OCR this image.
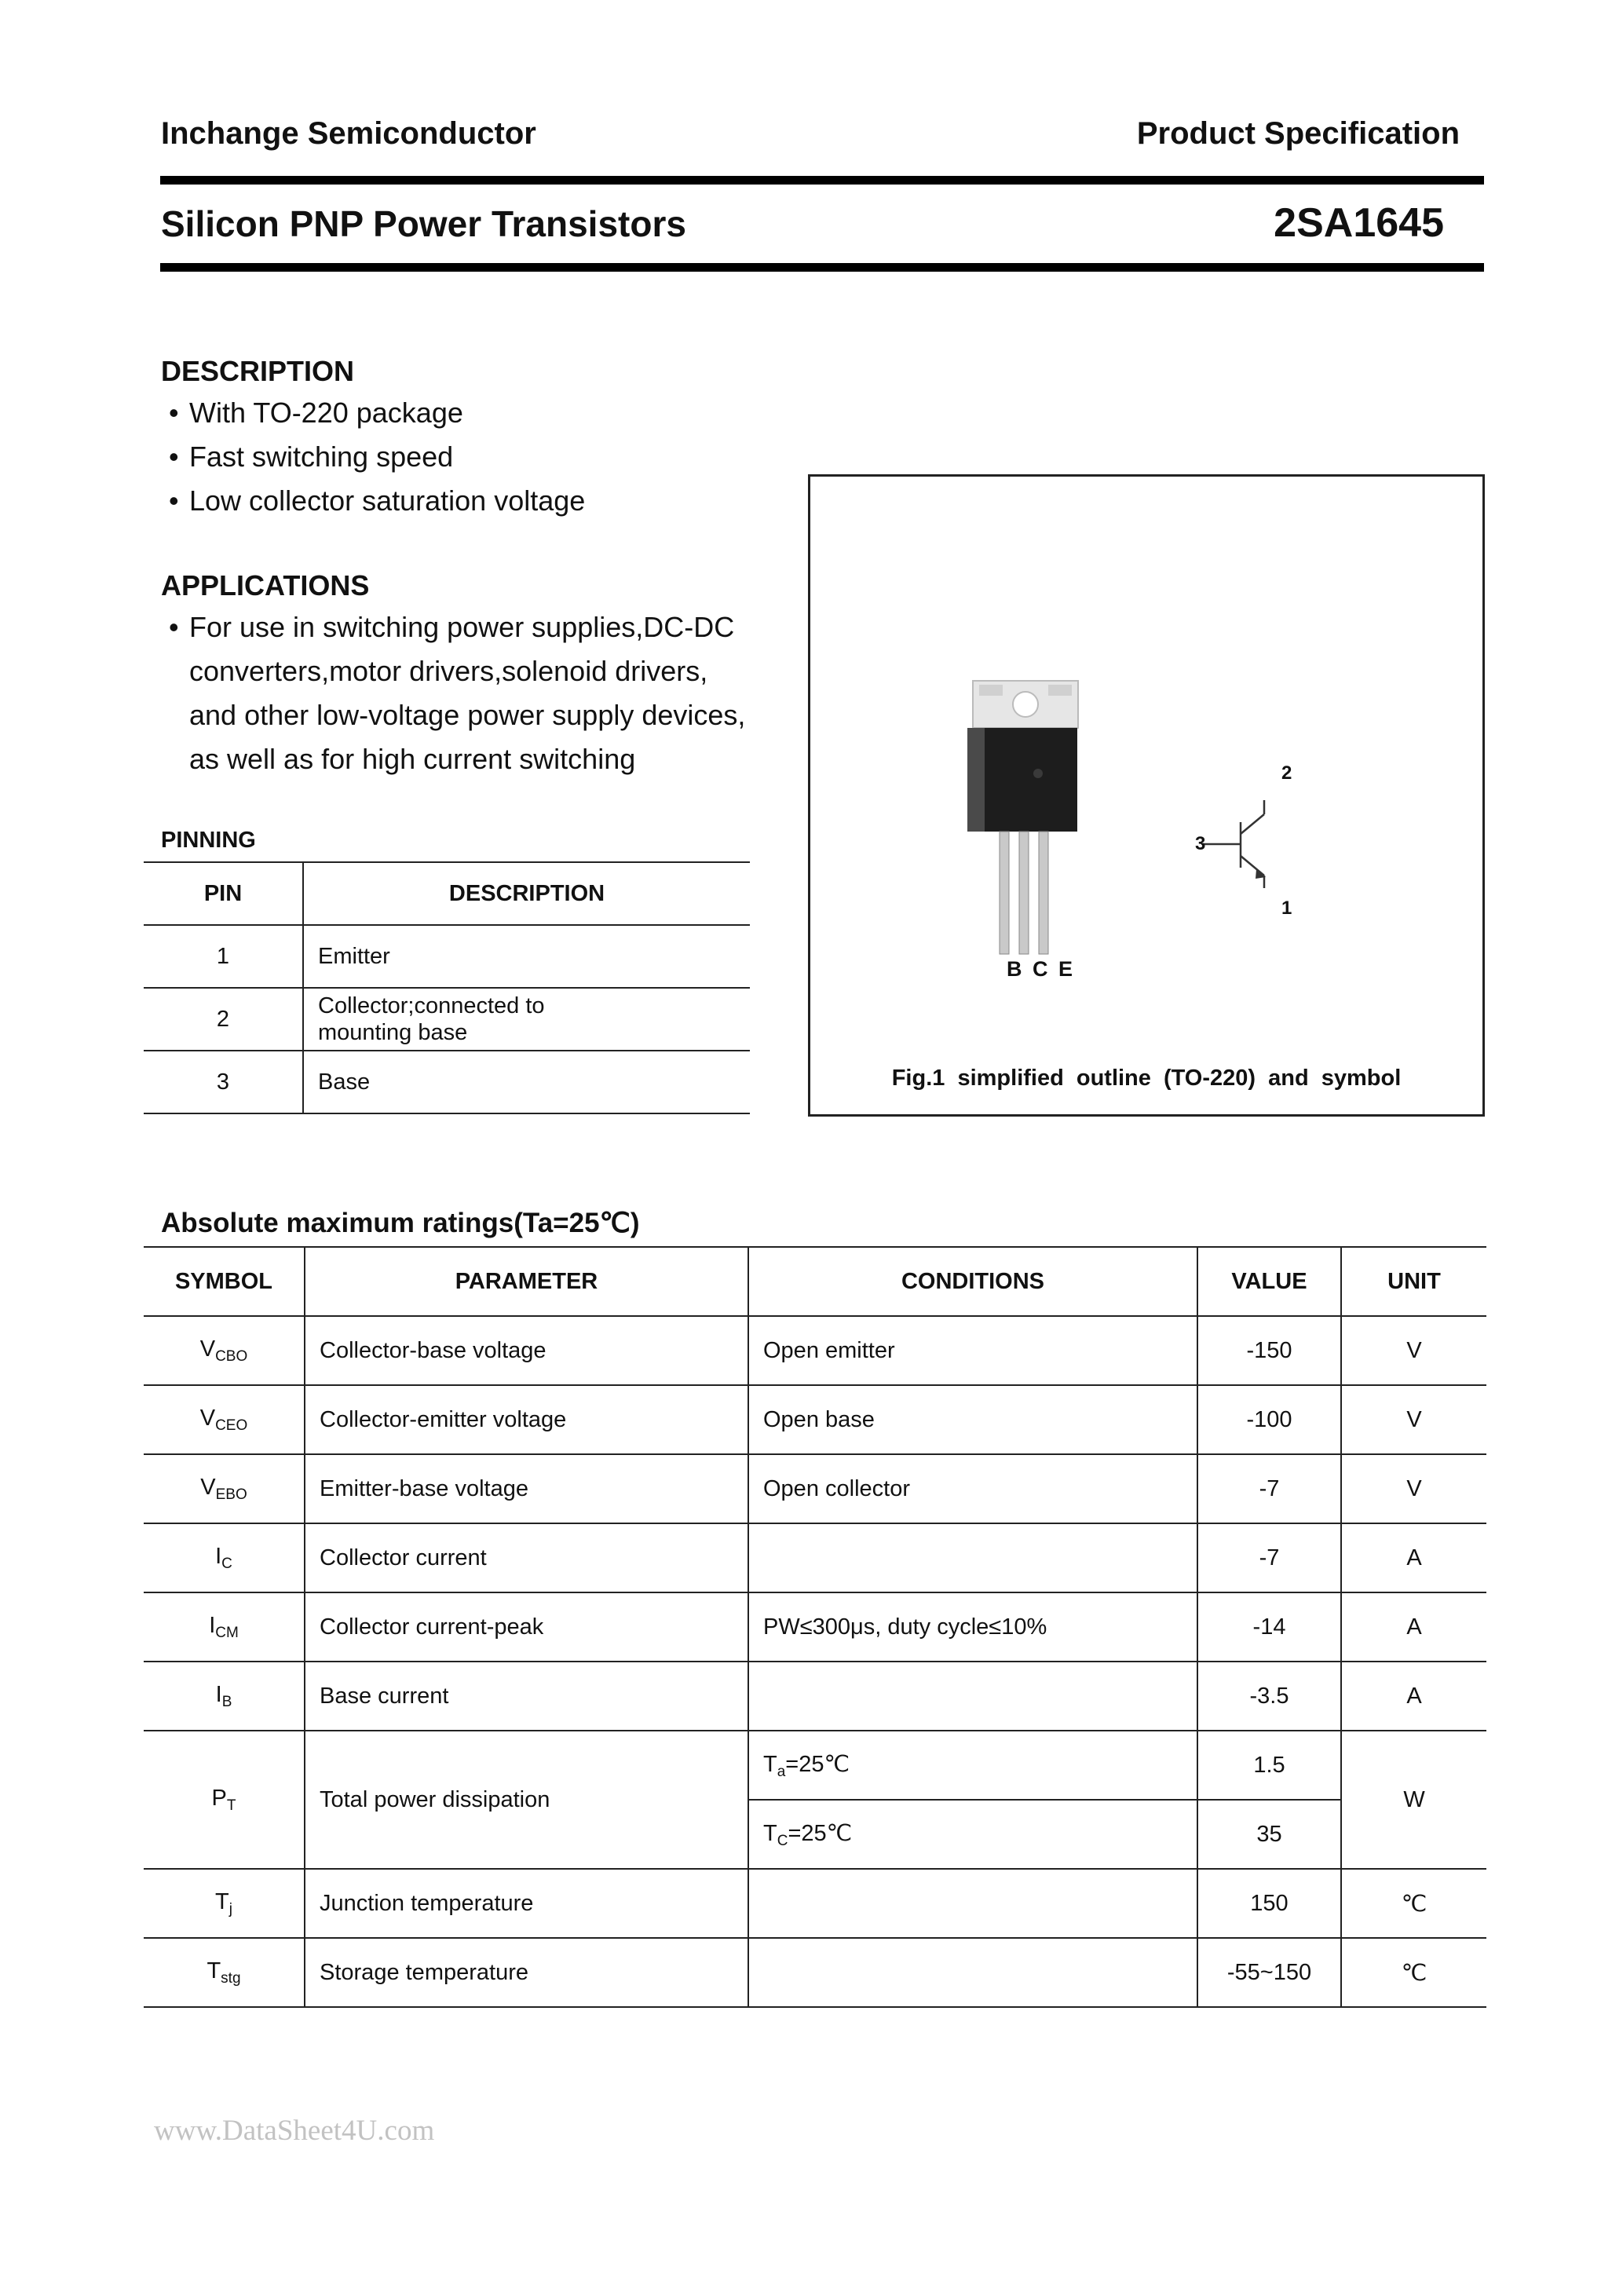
Inchange Semiconductor	Product Specification
Silicon PNP Power Transistors	2SA1645
DESCRIPTION
• With TO-220 package
• Fast switching speed
• Low collector saturation voltage
APPLICATIONS
• For use in switching power supplies,DC-DC
converters,motor drivers,solenoid drivers,
and other low-voltage power supply devices,
as well as for high current switching
PINNING
PIN	DESCRIPTION
1	Emitter
2	Collector;connected to
mounting base

3	Base
B C E
3
2
1
Fig.1 simplified outline (TO-220) and symbol
Absolute maximum ratings(Ta=25℃)
SYMBOL	PARAMETER	CONDITIONS	VALUE	UNIT
$V_{CBO}$	Collector-base voltage	Open emitter	-150	V
$V_{CEO}$	Collector-emitter voltage	Open base	-100	V
$V_{EBO}$	Emitter-base voltage	Open collector	-7	V
$I_C$	Collector current		-7	A
$I_{CM}$	Collector current-peak	PW≤300μs, duty cycle≤10%	-14	A
$I_B$	Base current		-3.5	A
$P_T$	Total power dissipation	$T_a=25℃$	1.5	W
		$T_C=25℃$	35	
$T_j$	Junction temperature		150	℃
$T_{stg}$	Storage temperature		-55~150	℃
www.DataSheet4U.com
